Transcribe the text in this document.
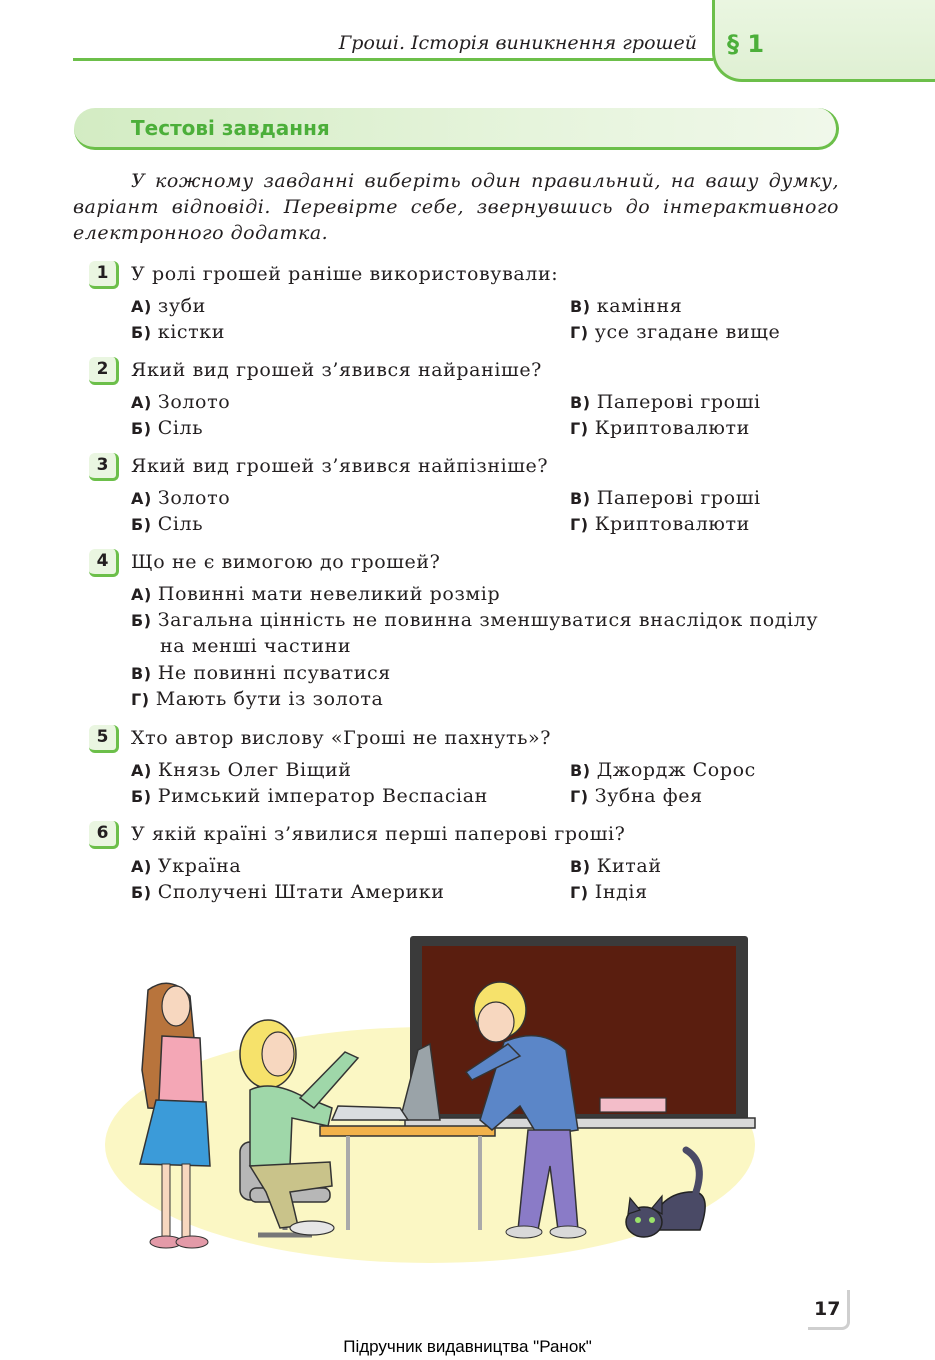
Гроші. Історія виникнення грошей § 1
Тестові завдання

У кожному завданні виберіть один правильний, на вашу думку, варіант відповіді. Перевірте себе, звернувшись до інтерактивного електронного додатка.

1	У ролі грошей раніше використовували:
А) зуби
Б) кістки
В) каміння
Г) усе згадане вище
2	Який вид грошей з’явився найраніше?
А) Золото
Б) Сіль
В) Паперові гроші
Г) Криптовалюти
3	Який вид грошей з’явився найпізніше?
А) Золото
Б) Сіль
В) Паперові гроші
Г) Криптовалюти
4	Що не є вимогою до грошей?
А) Повинні мати невеликий розмір
Б) Загальна цінність не повинна зменшуватися внаслідок поділу
на менші частини
В) Не повинні псуватися
Г) Мають бути із золота
5	Хто автор вислову «Гроші не пахнуть»?
А) Князь Олег Віщий
Б) Римський імператор Веспасіан
В) Джордж Сорос
Г) Зубна фея
6	У якій країні з’явилися перші паперові гроші?
А) Україна
Б) Сполучені Штати Америки
В) Китай
Г) Індія
17
Підручник видавництва "Ранок"
